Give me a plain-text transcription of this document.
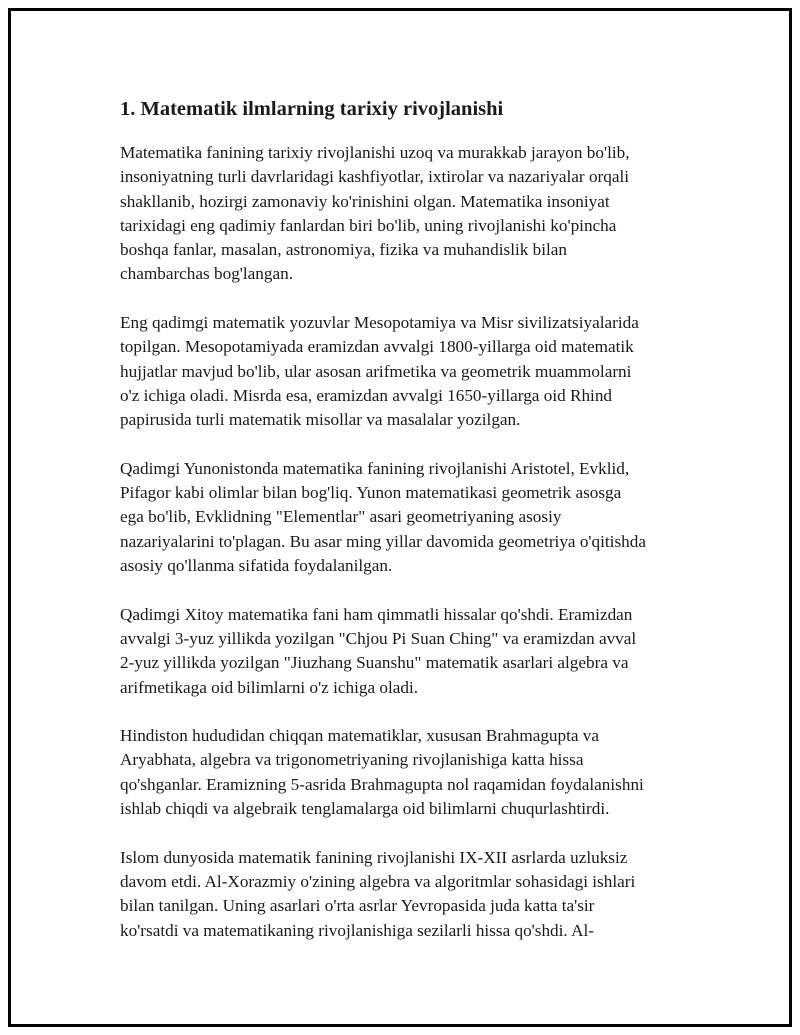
1. Matematik ilmlarning tarixiy rivojlanishi

Matematika fanining tarixiy rivojlanishi uzoq va murakkab jarayon bo'lib,
insoniyatning turli davrlaridagi kashfiyotlar, ixtirolar va nazariyalar orqali
shakllanib, hozirgi zamonaviy ko'rinishini olgan. Matematika insoniyat
tarixidagi eng qadimiy fanlardan biri bo'lib, uning rivojlanishi ko'pincha
boshqa fanlar, masalan, astronomiya, fizika va muhandislik bilan
chambarchas bog'langan.

Eng qadimgi matematik yozuvlar Mesopotamiya va Misr sivilizatsiyalarida
topilgan. Mesopotamiyada eramizdan avvalgi 1800-yillarga oid matematik
hujjatlar mavjud bo'lib, ular asosan arifmetika va geometrik muammolarni
o'z ichiga oladi. Misrda esa, eramizdan avvalgi 1650-yillarga oid Rhind
papirusida turli matematik misollar va masalalar yozilgan.

Qadimgi Yunonistonda matematika fanining rivojlanishi Aristotel, Evklid,
Pifagor kabi olimlar bilan bog'liq. Yunon matematikasi geometrik asosga
ega bo'lib, Evklidning "Elementlar" asari geometriyaning asosiy
nazariyalarini to'plagan. Bu asar ming yillar davomida geometriya o'qitishda
asosiy qo'llanma sifatida foydalanilgan.

Qadimgi Xitoy matematika fani ham qimmatli hissalar qo'shdi. Eramizdan
avvalgi 3-yuz yillikda yozilgan "Chjou Pi Suan Ching" va eramizdan avval
2-yuz yillikda yozilgan "Jiuzhang Suanshu" matematik asarlari algebra va
arifmetikaga oid bilimlarni o'z ichiga oladi.

Hindiston hududidan chiqqan matematiklar, xususan Brahmagupta va
Aryabhata, algebra va trigonometriyaning rivojlanishiga katta hissa
qo'shganlar. Eramizning 5-asrida Brahmagupta nol raqamidan foydalanishni
ishlab chiqdi va algebraik tenglamalarga oid bilimlarni chuqurlashtirdi.

Islom dunyosida matematik fanining rivojlanishi IX-XII asrlarda uzluksiz
davom etdi. Al-Xorazmiy o'zining algebra va algoritmlar sohasidagi ishlari
bilan tanilgan. Uning asarlari o'rta asrlar Yevropasida juda katta ta'sir
ko'rsatdi va matematikaning rivojlanishiga sezilarli hissa qo'shdi. Al-
